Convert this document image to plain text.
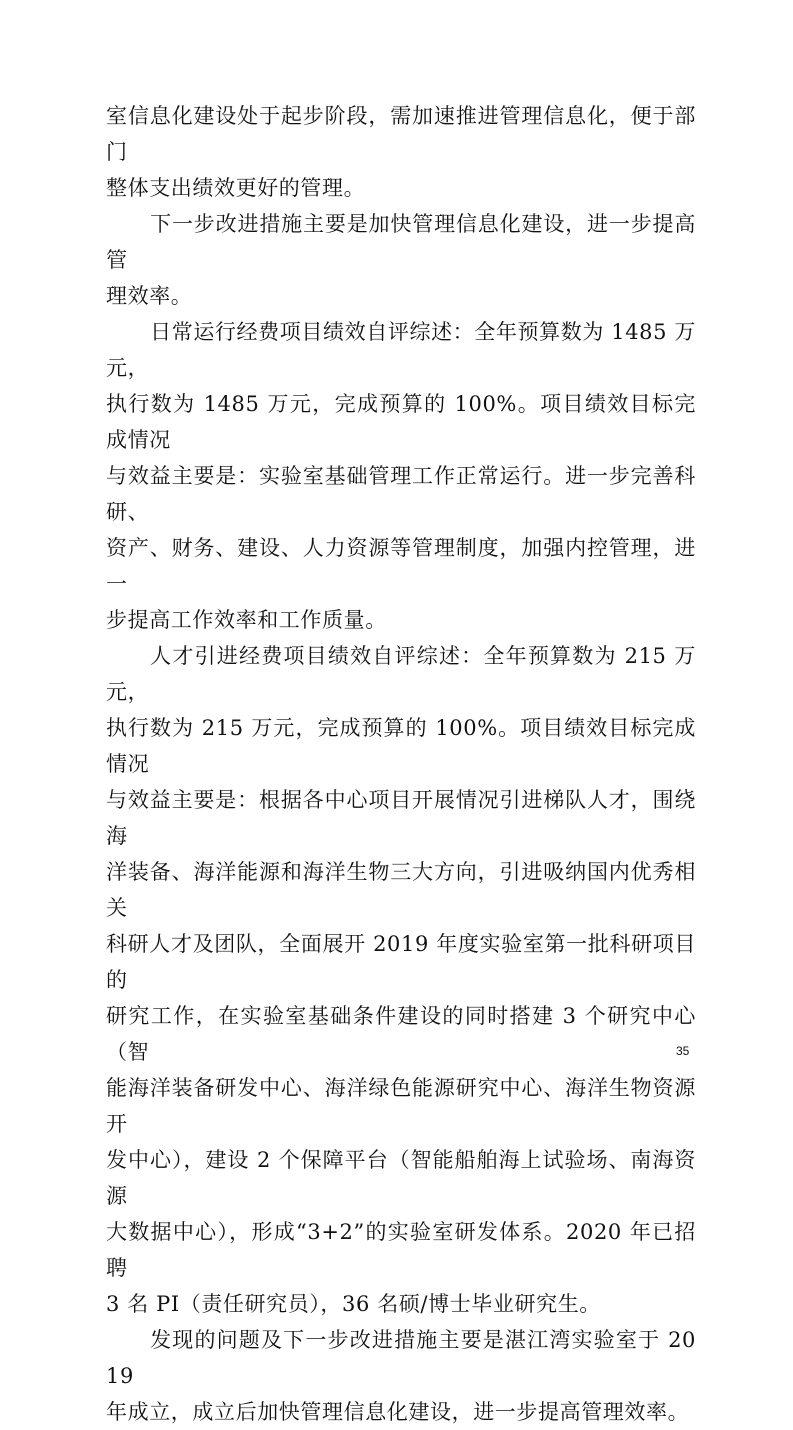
室信息化建设处于起步阶段，需加速推进管理信息化，便于部门
整体支出绩效更好的管理。

下一步改进措施主要是加快管理信息化建设，进一步提高管
理效率。

日常运行经费项目绩效自评综述：全年预算数为 1485 万元，
执行数为 1485 万元，完成预算的 100%。项目绩效目标完成情况
与效益主要是：实验室基础管理工作正常运行。进一步完善科研、
资产、财务、建设、人力资源等管理制度，加强内控管理，进一
步提高工作效率和工作质量。

人才引进经费项目绩效自评综述：全年预算数为 215 万元，
执行数为 215 万元，完成预算的 100%。项目绩效目标完成情况
与效益主要是：根据各中心项目开展情况引进梯队人才，围绕海
洋装备、海洋能源和海洋生物三大方向，引进吸纳国内优秀相关
科研人才及团队，全面展开 2019 年度实验室第一批科研项目的
研究工作，在实验室基础条件建设的同时搭建 3 个研究中心（智
能海洋装备研发中心、海洋绿色能源研究中心、海洋生物资源开
发中心），建设 2 个保障平台（智能船舶海上试验场、南海资源
大数据中心），形成“3+2”的实验室研发体系。2020 年已招聘
3 名 PI（责任研究员），36 名硕/博士毕业研究生。

发现的问题及下一步改进措施主要是湛江湾实验室于 2019
年成立，成立后加快管理信息化建设，进一步提高管理效率。

35
